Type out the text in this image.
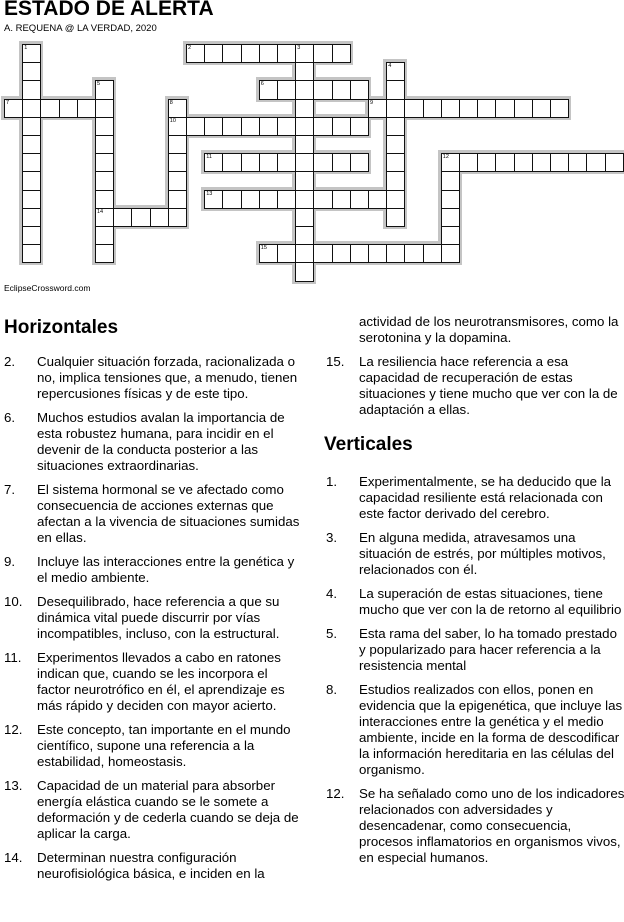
ESTADO DE ALERTA
A. REQUENA @ LA VERDAD, 2020
1	2	3
4
5
14
6
7	8
10
9
11	12
13
15
EclipseCrossword.com
Horizontales
2. Cualquier situación forzada, racionalizada o no, implica tensiones que, a menudo, tienen repercusiones físicas y de este tipo.
6. Muchos estudios avalan la importancia de esta robustez humana, para incidir en el devenir de la conducta posterior a las situaciones extraordinarias.
7. El sistema hormonal se ve afectado como consecuencia de acciones externas que afectan a la vivencia de situaciones sumidas en ellas.
9. Incluye las interacciones entre la genética y el medio ambiente.
10. Desequilibrado, hace referencia a que su dinámica vital puede discurrir por vías incompatibles, incluso, con la estructural.
11. Experimentos llevados a cabo en ratones indican que, cuando se les incorpora el factor neurotrófico en él, el aprendizaje es más rápido y deciden con mayor acierto.
12. Este concepto, tan importante en el mundo científico, supone una referencia a la estabilidad, homeostasis.
13. Capacidad de un material para absorber energía elástica cuando se le somete a deformación y de cederla cuando se deja de aplicar la carga.
14. Determinan nuestra configuración neurofisiológica básica, e inciden en la
actividad de los neurotransmisores, como la serotonina y la dopamina.
15. La resiliencia hace referencia a esa capacidad de recuperación de estas situaciones y tiene mucho que ver con la de adaptación a ellas.
Verticales
1. Experimentalmente, se ha deducido que la capacidad resiliente está relacionada con este factor derivado del cerebro.
3. En alguna medida, atravesamos una situación de estrés, por múltiples motivos, relacionados con él.
4. La superación de estas situaciones, tiene mucho que ver con la de retorno al equilibrio
5. Esta rama del saber, lo ha tomado prestado y popularizado para hacer referencia a la resistencia mental
8. Estudios realizados con ellos, ponen en evidencia que la epigenética, que incluye las interacciones entre la genética y el medio ambiente, incide en la forma de descodificar la información hereditaria en las células del organismo.
12. Se ha señalado como uno de los indicadores relacionados con adversidades y desencadenar, como consecuencia, procesos inflamatorios en organismos vivos, en especial humanos.
